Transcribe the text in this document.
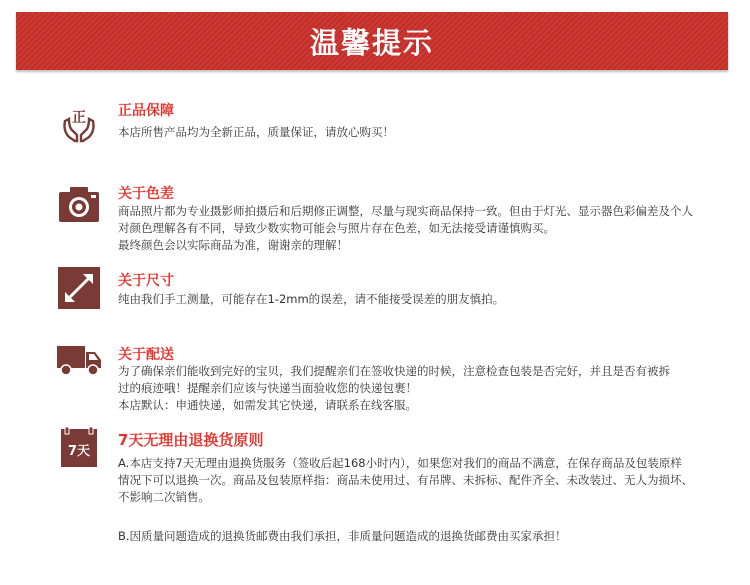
温馨提示
正 正品保障

本店所售产品均为全新正品，质量保证，请放心购买！

关于色差

商品照片都为专业摄影师拍摄后和后期修正调整，尽量与现实商品保持一致。但由于灯光、显示器色彩偏差及个人

对颜色理解各有不同，导致少数实物可能会与照片存在色差，如无法接受请谨慎购买。

最终颜色会以实际商品为准，谢谢亲的理解！

关于尺寸

纯由我们手工测量，可能存在1-2mm的误差，请不能接受误差的朋友慎拍。

关于配送

为了确保亲们能收到完好的宝贝，我们提醒亲们在签收快递的时候，注意检查包装是否完好，并且是否有被拆

过的痕迹哦！提醒亲们应该与快递当面验收您的快递包裹！

本店默认：申通快递，如需发其它快递，请联系在线客服。

7天
7天无理由退换货原则

A.本店支持7天无理由退换货服务（签收后起168小时内），如果您对我们的商品不满意，在保存商品及包装原样

情况下可以退换一次。商品及包装原样指：商品未使用过、有吊牌、未拆标、配件齐全、未改装过、无人为损坏、

不影响二次销售。

B.因质量问题造成的退换货邮费由我们承担，非质量问题造成的退换货邮费由买家承担！
